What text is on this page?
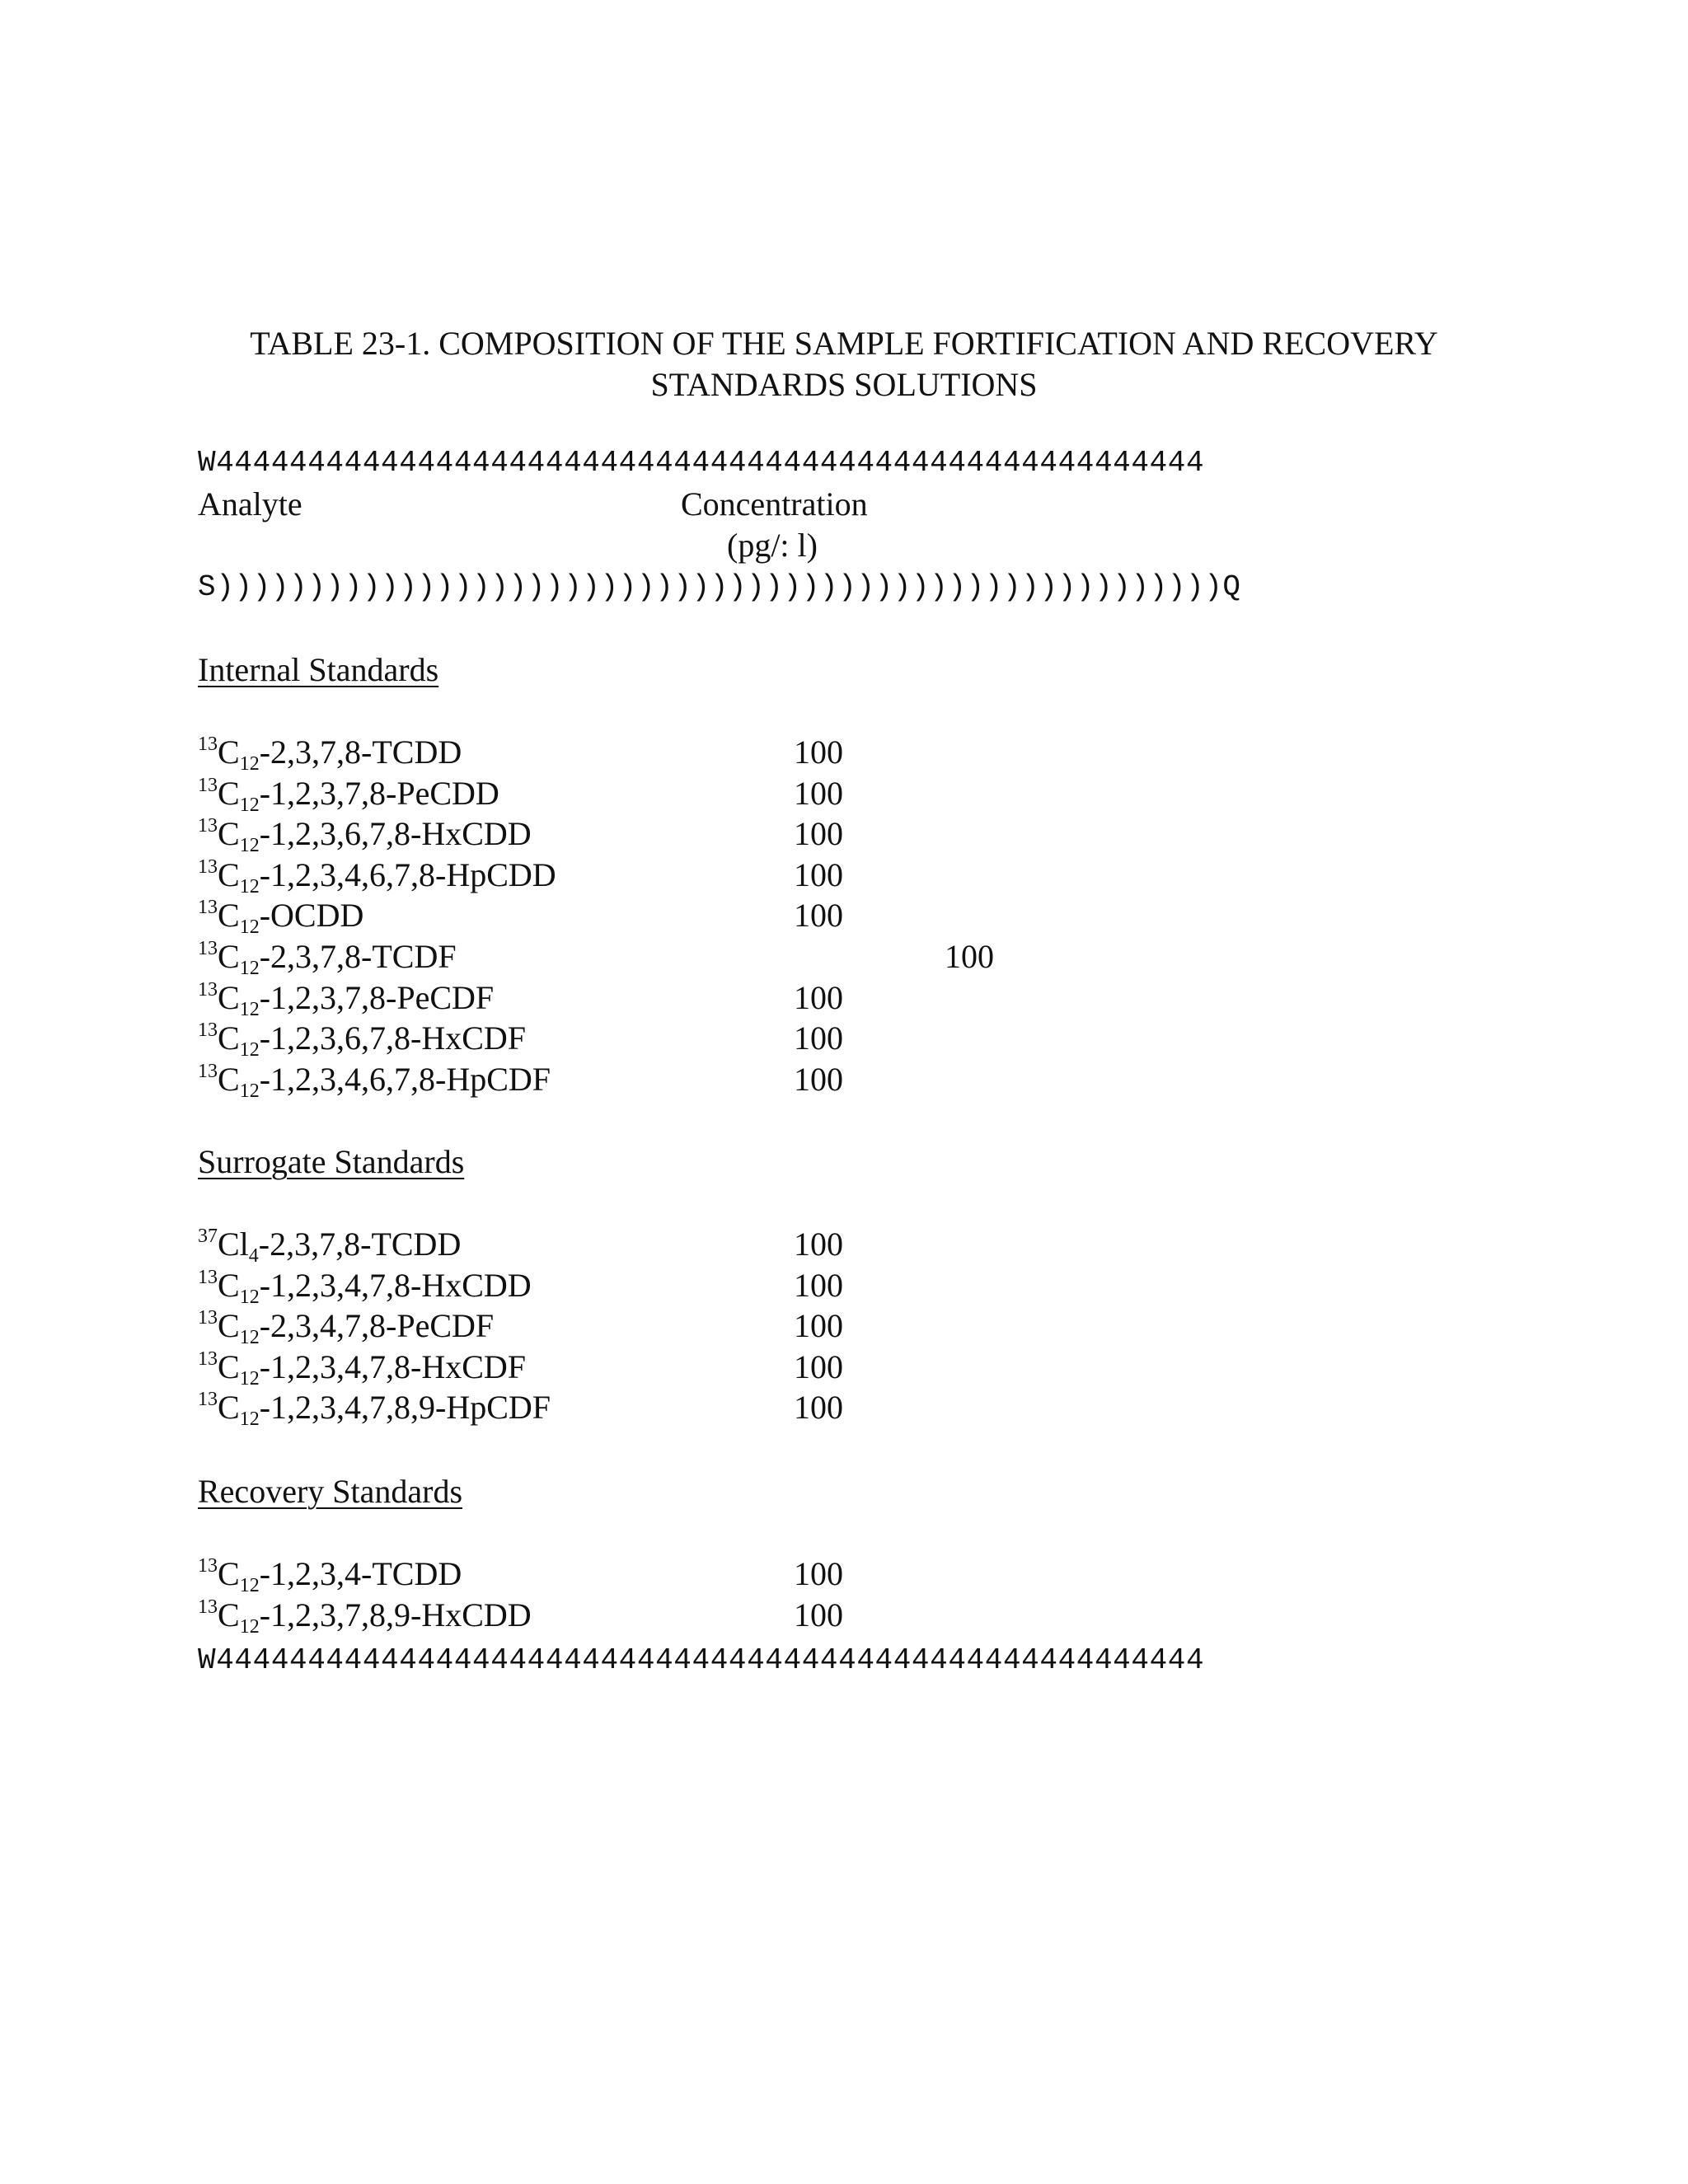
TABLE 23-1. COMPOSITION OF THE SAMPLE FORTIFICATION AND RECOVERY
STANDARDS SOLUTIONS
W444444444444444444444444444444444444444444444444444444
Analyte	Concentration
(pg/: l)
S)))))))))))))))))))))))))))))))))))))))))))))))))))))))Q
Internal Standards
$^{13}C_{12}-2,3,7,8$-TCDD	100
$^{13}C_{12}-1,2,3,7,8$-PeCDD	100
$^{13}C_{12}-1,2,3,6,7,8$-HxCDD	100
$^{13}C_{12}-1,2,3,4,6,7,8$-HpCDD	100
$^{13}C_{12}$-OCDD	100
$^{13}C_{12}-2,3,7,8$-TCDF	100
$^{13}C_{12}-1,2,3,7,8$-PeCDF	100
$^{13}C_{12}-1,2,3,6,7,8$-HxCDF	100
$^{13}C_{12}-1,2,3,4,6,7,8$-HpCDF	100
Surrogate Standards
$^{37}Cl_4-2,3,7,8$-TCDD	100
$^{13}C_{12}-1,2,3,4,7,8$-HxCDD	100
$^{13}C_{12}-2,3,4,7,8$-PeCDF	100
$^{13}C_{12}-1,2,3,4,7,8$-HxCDF	100
$^{13}C_{12}-1,2,3,4,7,8,9$-HpCDF	100
Recovery Standards
$^{13}C_{12}-1,2,3,4$-TCDD	100
$^{13}C_{12}-1,2,3,7,8,9$-HxCDD	100
W444444444444444444444444444444444444444444444444444444
